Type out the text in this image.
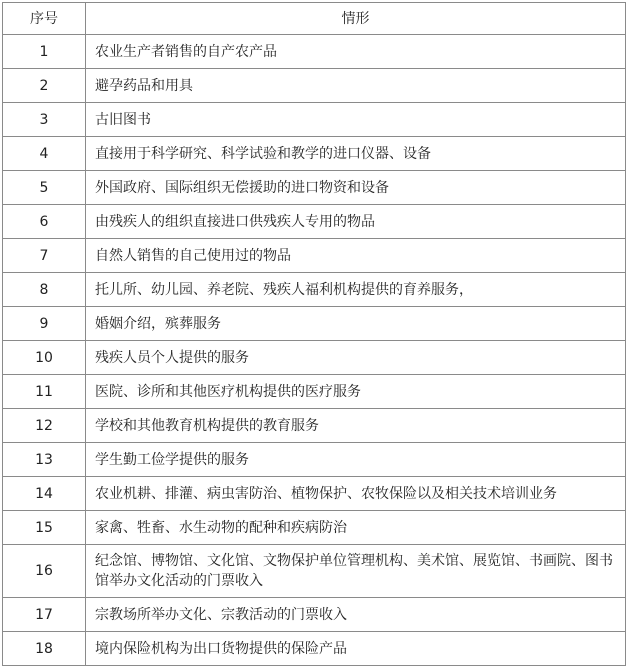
序号	情形
1	农业生产者销售的自产农产品
2	避孕药品和用具
3	古旧图书
4	直接用于科学研究、科学试验和教学的进口仪器、设备
5	外国政府、国际组织无偿援助的进口物资和设备
6	由残疾人的组织直接进口供残疾人专用的物品
7	自然人销售的自己使用过的物品
8	托儿所、幼儿园、养老院、残疾人福利机构提供的育养服务，
9	婚姻介绍，殡葬服务
10	残疾人员个人提供的服务
11	医院、诊所和其他医疗机构提供的医疗服务
12	学校和其他教育机构提供的教育服务
13	学生勤工俭学提供的服务
14	农业机耕、排灌、病虫害防治、植物保护、农牧保险以及相关技术培训业务
15	家禽、牲畜、水生动物的配种和疾病防治
16	纪念馆、博物馆、文化馆、文物保护单位管理机构、美术馆、展览馆、书画院、图书馆举办文化活动的门票收入
17	宗教场所举办文化、宗教活动的门票收入
18	境内保险机构为出口货物提供的保险产品
